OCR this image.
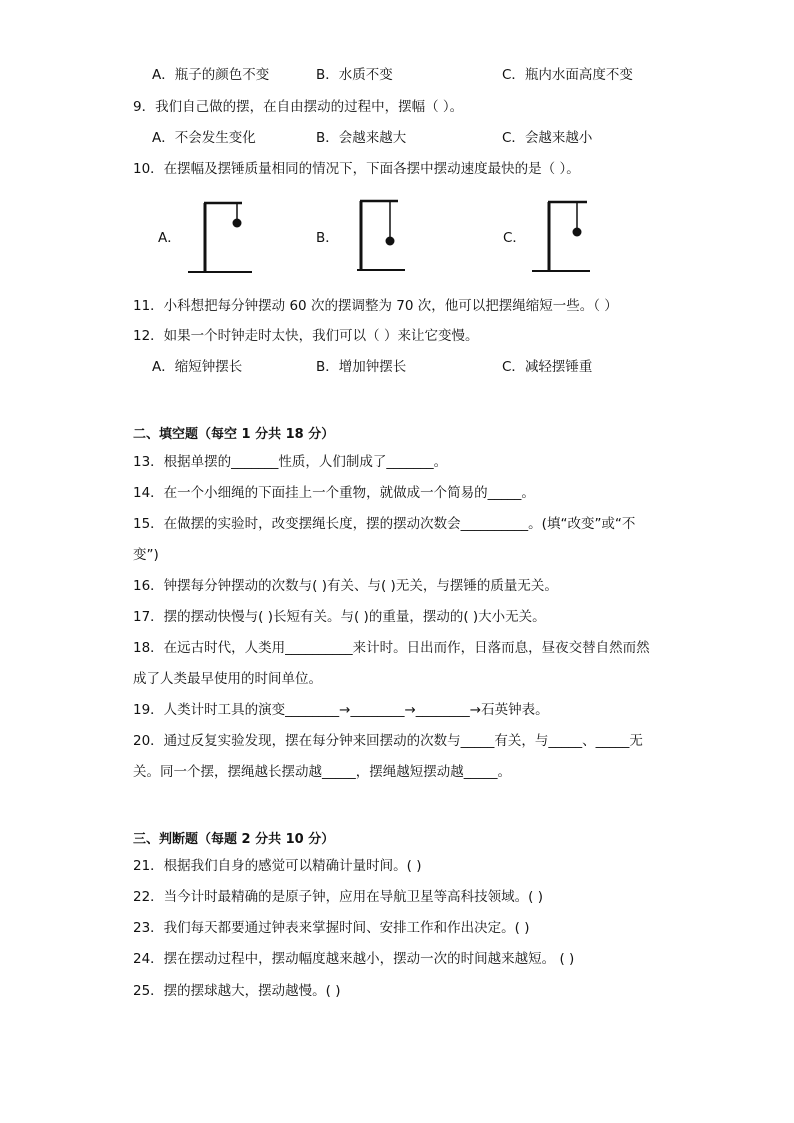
A．瓶子的颜色不变	B．水质不变	C．瓶内水面高度不变
9．我们自己做的摆，在自由摆动的过程中，摆幅（ ）。
A．不会发生变化	B．会越来越大	C．会越来越小
10．在摆幅及摆锤质量相同的情况下，下面各摆中摆动速度最快的是（ ）。
A．	B．	C．
11．小科想把每分钟摆动 60 次的摆调整为 70 次，他可以把摆绳缩短一些。（ ）
12．如果一个时钟走时太快，我们可以（ ）来让它变慢。
A．缩短钟摆长	B．增加钟摆长	C．减轻摆锤重
二、填空题（每空 1 分共 18 分）
13．根据单摆的_______性质，人们制成了_______。
14．在一个小细绳的下面挂上一个重物，就做成一个简易的_____。
15．在做摆的实验时，改变摆绳长度，摆的摆动次数会__________。(填“改变”或“不
变”)
16．钟摆每分钟摆动的次数与( )有关、与( )无关，与摆锤的质量无关。
17．摆的摆动快慢与( )长短有关。与( )的重量，摆动的( )大小无关。
18．在远古时代，人类用__________来计时。日出而作，日落而息，昼夜交替自然而然
成了人类最早使用的时间单位。
19．人类计时工具的演变________→________→________→石英钟表。
20．通过反复实验发现，摆在每分钟来回摆动的次数与_____有关，与_____、_____无
关。同一个摆，摆绳越长摆动越_____，摆绳越短摆动越_____。
三、判断题（每题 2 分共 10 分）
21．根据我们自身的感觉可以精确计量时间。( )
22．当今计时最精确的是原子钟，应用在导航卫星等高科技领域。( )
23．我们每天都要通过钟表来掌握时间、安排工作和作出决定。( )
24．摆在摆动过程中，摆动幅度越来越小，摆动一次的时间越来越短。 ( )
25．摆的摆球越大，摆动越慢。( )
